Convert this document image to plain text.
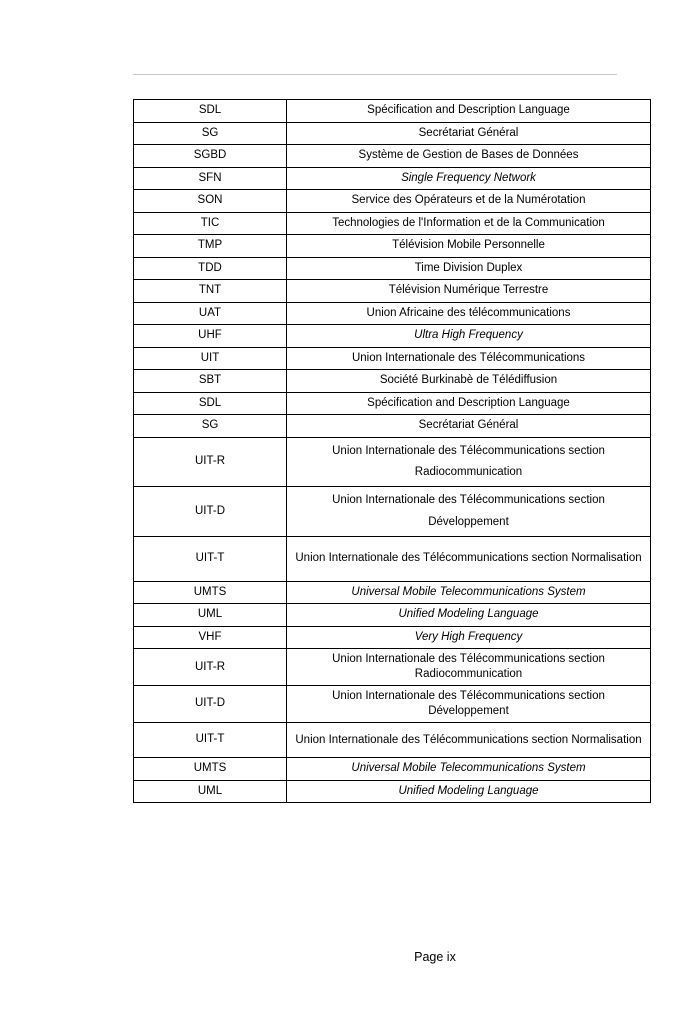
SDL	Spécification and Description Language
SG	Secrétariat Général
SGBD	Système de Gestion de Bases de Données
SFN	Single Frequency Network
SON	Service des Opérateurs et de la Numérotation
TIC	Technologies de l'Information et de la Communication
TMP	Télévision Mobile Personnelle
TDD	Time Division Duplex
TNT	Télévision Numérique Terrestre
UAT	Union Africaine des télécommunications
UHF	Ultra High Frequency
UIT	Union Internationale des Télécommunications
SBT	Société Burkinabè de Télédiffusion
SDL	Spécification and Description Language
SG	Secrétariat Général
UIT-R	Union Internationale des Télécommunications section Radiocommunication
UIT-D	Union Internationale des Télécommunications section Développement
UIT-T	Union Internationale des Télécommunications section Normalisation
UMTS	Universal Mobile Telecommunications System
UML	Unified Modeling Language
VHF	Very High Frequency
UIT-R	Union Internationale des Télécommunications section Radiocommunication
UIT-D	Union Internationale des Télécommunications section Développement
UIT-T	Union Internationale des Télécommunications section Normalisation
UMTS	Universal Mobile Telecommunications System
UML	Unified Modeling Language
Page ix
